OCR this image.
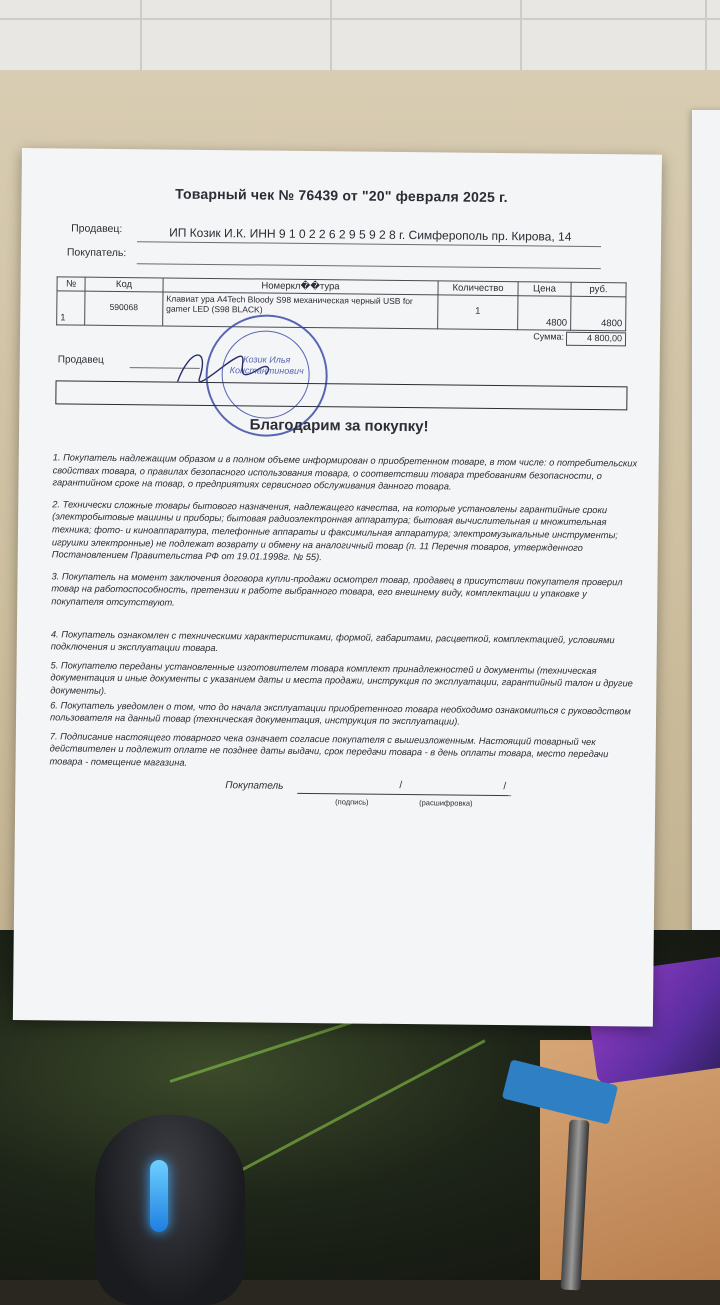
Товарный чек № 76439 от "20" февраля 2025 г.
Продавец:	ИП Козик И.К. ИНН 9 1 0 2 2 6 2 9 5 9 2 8 г. Симферополь пр. Кирова, 14
Покупатель:
№	Код	Номеркл��тура	Количество	Цена	руб.
1	590068	Клавиат ура A4Tech Bloody S98 механическая черный USB for gamer LED (S98 BLACK)	1	4800	4800
Сумма:	4 800,00
Продавец	Козик Илья Константинович
Благодарим за покупку!

1. Покупатель надлежащим образом и в полном объеме информирован о приобретенном товаре, в том числе: о потребительских свойствах товара, о правилах безопасного использования товара, о соответствии товара требованиям безопасности, о гарантийном сроке на товар, о предприятиях сервисного обслуживания данного товара.

2. Технически сложные товары бытового назначения, надлежащего качества, на которые установлены гарантийные сроки (электробытовые машины и приборы; бытовая радиоэлектронная аппаратура; бытовая вычислительная и множительная техника; фото- и киноаппаратура, телефонные аппараты и факсимильная аппаратура; электромузыкальные инструменты; игрушки электронные) не подлежат возврату и обмену на аналогичный товар (п. 11 Перечня товаров, утвержденного Постановлением Правительства РФ от 19.01.1998г. № 55).

3. Покупатель на момент заключения договора купли-продажи осмотрел товар, продавец в присутствии покупателя проверил товар на работоспособность, претензии к работе выбранного товара, его внешнему виду, комплектации и упаковке у покупателя отсутствуют.

4. Покупатель ознакомлен с техническими характеристиками, формой, габаритами, расцветкой, комплектацией, условиями подключения и эксплуатации товара.

5. Покупателю переданы установленные изготовителем товара комплект принадлежностей и документы (техническая документация и иные документы с указанием даты и места продажи, инструкция по эксплуатации, гарантийный талон и другие документы).

6. Покупатель уведомлен о том, что до начала эксплуатации приобретенного товара необходимо ознакомиться с руководством пользователя на данный товар (техническая документация, инструкция по эксплуатации).

7. Подписание настоящего товарного чека означает согласие покупателя с вышеизложенным. Настоящий товарный чек действителен и подлежит оплате не позднее даты выдачи, срок передачи товара - в день оплаты товара, место передачи товара - помещение магазина.

Покупатель	/	/
(подпись)	(расшифровка)
